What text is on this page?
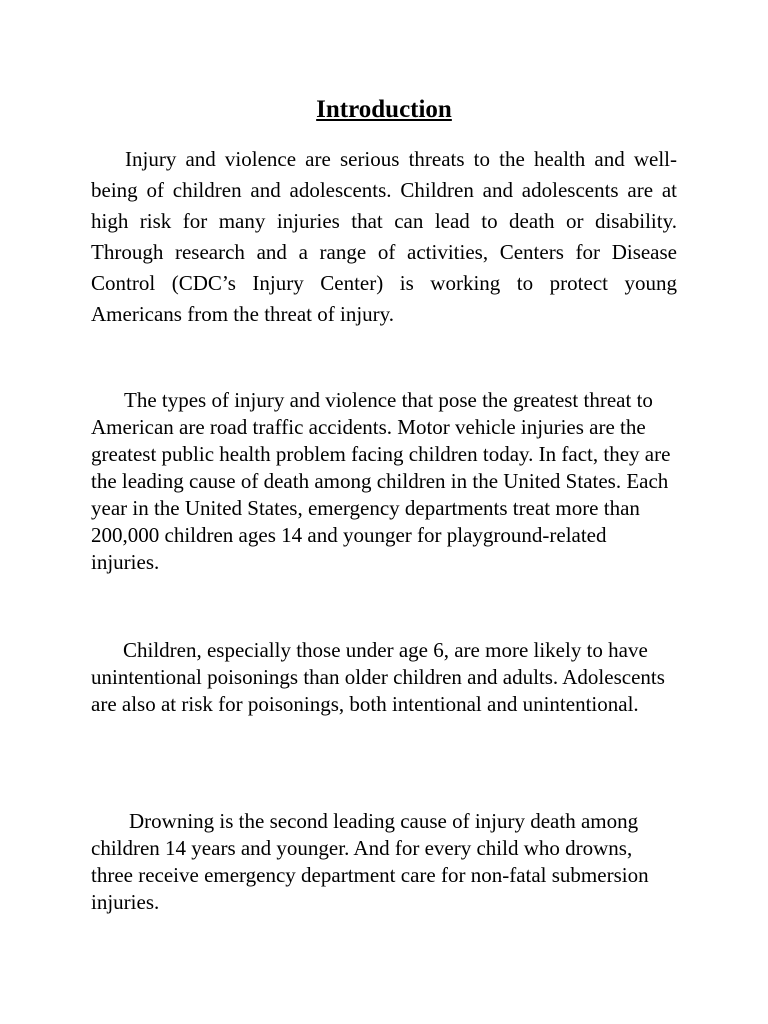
Introduction

Injury and violence are serious threats to the health and well-being of children and adolescents. Children and adolescents are at high risk for many injuries that can lead to death or disability. Through research and a range of activities, Centers for Disease Control (CDC’s Injury Center) is working to protect young Americans from the threat of injury.

The types of injury and violence that pose the greatest threat to American are road traffic accidents. Motor vehicle injuries are the greatest public health problem facing children today. In fact, they are the leading cause of death among children in the United States. Each year in the United States, emergency departments treat more than 200,000 children ages 14 and younger for playground-related injuries.

Children, especially those under age 6, are more likely to have unintentional poisonings than older children and adults. Adolescents are also at risk for poisonings, both intentional and unintentional.

Drowning is the second leading cause of injury death among children 14 years and younger. And for every child who drowns, three receive emergency department care for non-fatal submersion injuries.
